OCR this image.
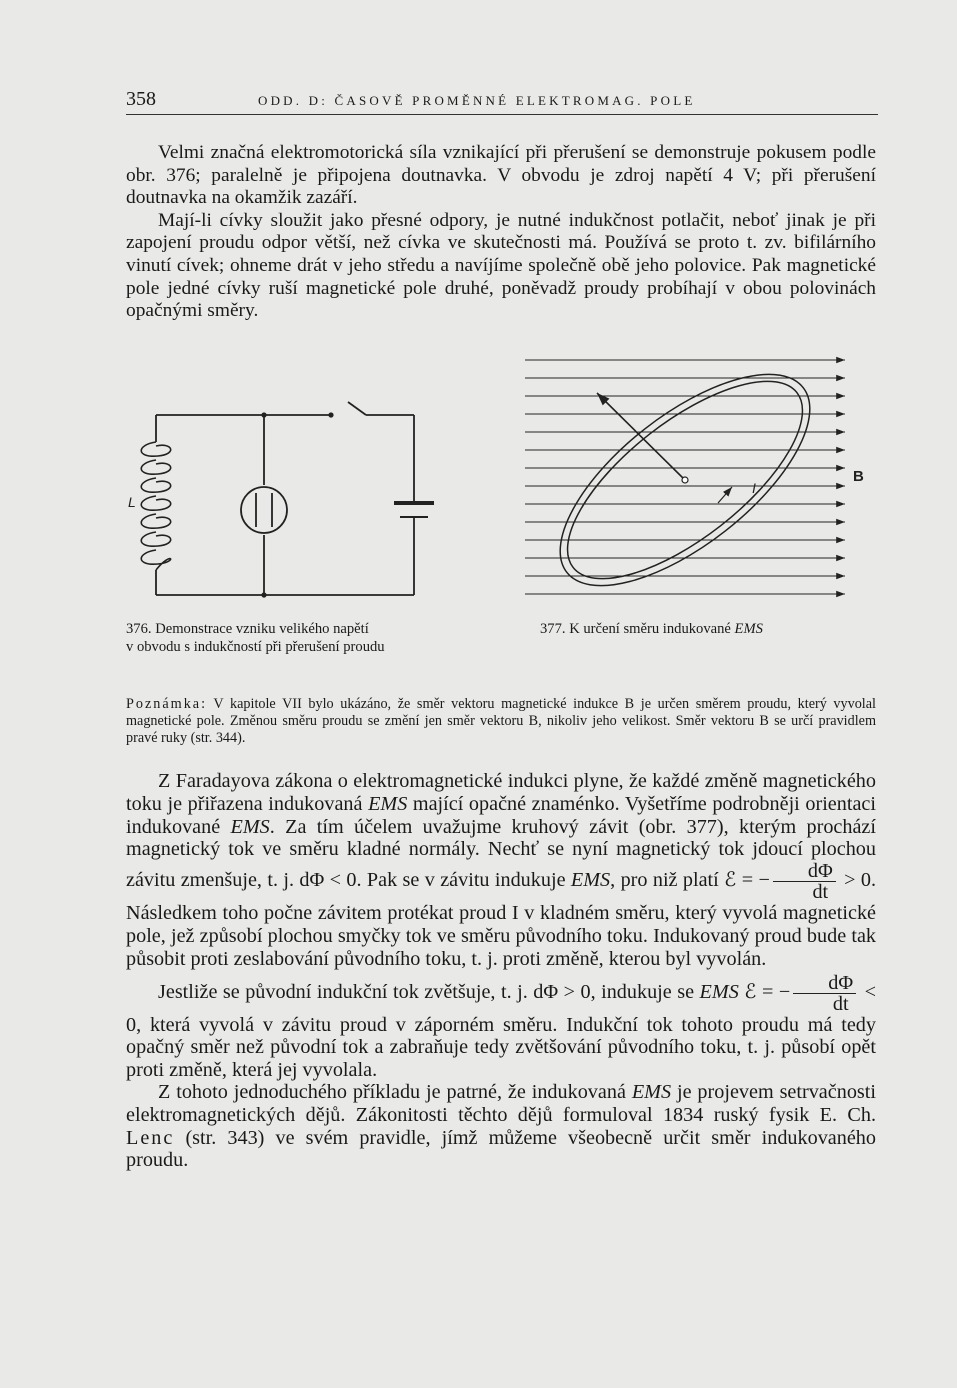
358	ODD. D: ČASOVĚ PROMĚNNÉ ELEKTROMAG. POLE

Velmi značná elektromotorická síla vznikající při přerušení se demonstruje pokusem podle obr. 376; paralelně je připojena doutnavka. V obvodu je zdroj napětí 4 V; při přerušení doutnavka na okamžik zazáří.

Mají-li cívky sloužit jako přesné odpory, je nutné indukčnost potlačit, neboť jinak je při zapojení proudu odpor větší, než cívka ve skutečnosti má. Používá se proto t. zv. bifilárního vinutí cívek; ohneme drát v jeho středu a navíjíme společně obě jeho polovice. Pak magnetické pole jedné cívky ruší magnetické pole druhé, poněvadž proudy probíhají v obou polovinách opačnými směry.

L
376. Demonstrace vzniku velikého napětí
v obvodu s indukčností při přerušení proudu
I
B
377. K určení směru indukované EMS
Poznámka: V kapitole VII bylo ukázáno, že směr vektoru magnetické indukce B je určen směrem proudu, který vyvolal magnetické pole. Změnou směru proudu se změní jen směr vektoru B, nikoliv jeho velikost. Směr vektoru B se určí pravidlem pravé ruky (str. 344).

Z Faradayova zákona o elektromagnetické indukci plyne, že každé změně magnetického toku je přiřazena indukovaná EMS mající opačné znaménko. Vyšetříme podrobněji orientaci indukované EMS. Za tím účelem uvažujme kruhový závit (obr. 377), kterým prochází magnetický tok ve směru kladné normály. Nechť se nyní magnetický tok jdoucí plochou závitu zmenšuje, t. j. dΦ < 0. Pak se v závitu indukuje EMS, pro niž platí ℰ = − $\frac{d\Phi}{dt} > 0$. Následkem toho počne závitem protékat proud I v kladném směru, který vyvolá magnetické pole, jež způsobí plochou smyčky tok ve směru původního toku. Indukovaný proud bude tak působit proti zeslabování původního toku, t. j. proti změně, kterou byl vyvolán.

Jestliže se původní indukční tok zvětšuje, t. j. dΦ > 0, indukuje se EMS ℰ = − $\frac{d\Phi}{dt} < 0$, která vyvolá v závitu proud v záporném směru. Indukční tok tohoto proudu má tedy opačný směr než původní tok a zabraňuje tedy zvětšování původního toku, t. j. působí opět proti změně, která jej vyvolala.

Z tohoto jednoduchého příkladu je patrné, že indukovaná EMS je projevem setrvačnosti elektromagnetických dějů. Zákonitosti těchto dějů formuloval 1834 ruský fysik E. Ch. Lenc (str. 343) ve svém pravidle, jímž můžeme všeobecně určit směr indukovaného proudu.
